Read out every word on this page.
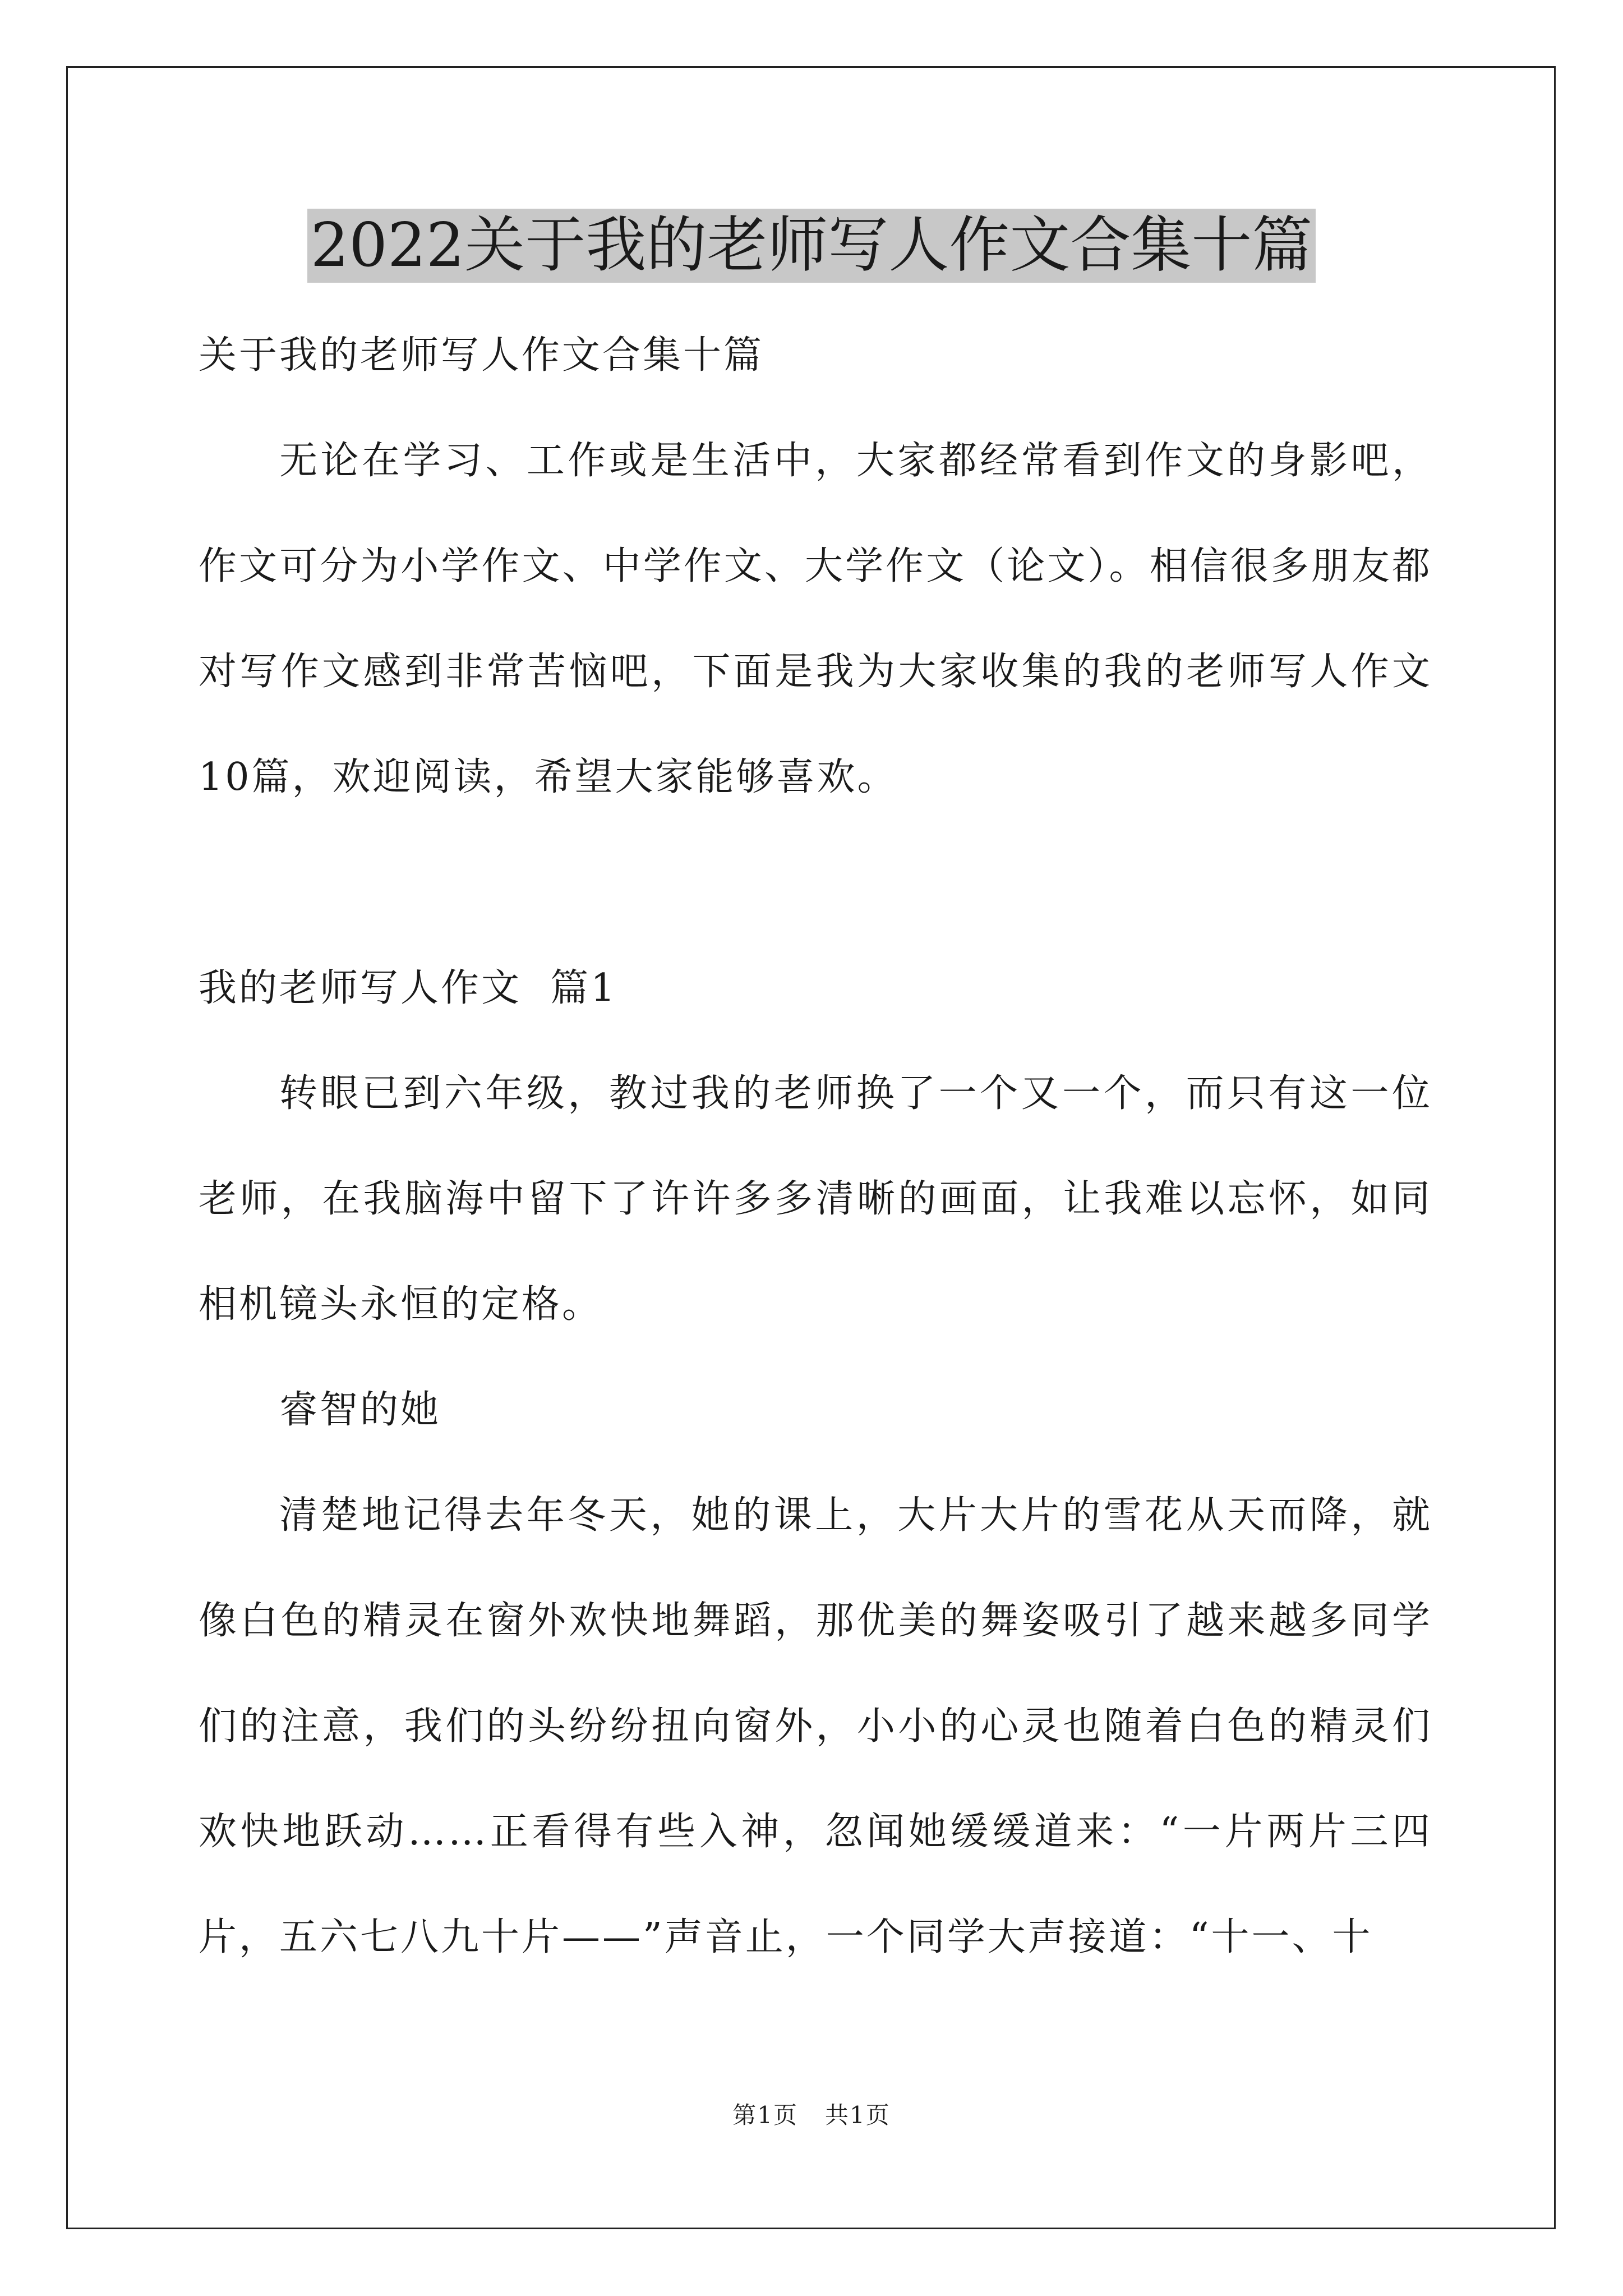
2022关于我的老师写人作文合集十篇

关于我的老师写人作文合集十篇

无论在学习、工作或是生活中，大家都经常看到作文的身影吧，作文可分为小学作文、中学作文、大学作文（论文）。相信很多朋友都对写作文感到非常苦恼吧，下面是我为大家收集的我的老师写人作文10篇，欢迎阅读，希望大家能够喜欢。

我的老师写人作文  篇1

转眼已到六年级，教过我的老师换了一个又一个，而只有这一位老师，在我脑海中留下了许许多多清晰的画面，让我难以忘怀，如同相机镜头永恒的定格。

睿智的她

清楚地记得去年冬天，她的课上，大片大片的雪花从天而降，就像白色的精灵在窗外欢快地舞蹈，那优美的舞姿吸引了越来越多同学们的注意，我们的头纷纷扭向窗外，小小的心灵也随着白色的精灵们欢快地跃动……正看得有些入神，忽闻她缓缓道来：“一片两片三四片，五六七八九十片——”声音止，一个同学大声接道：“十一、十

第1页 共1页
